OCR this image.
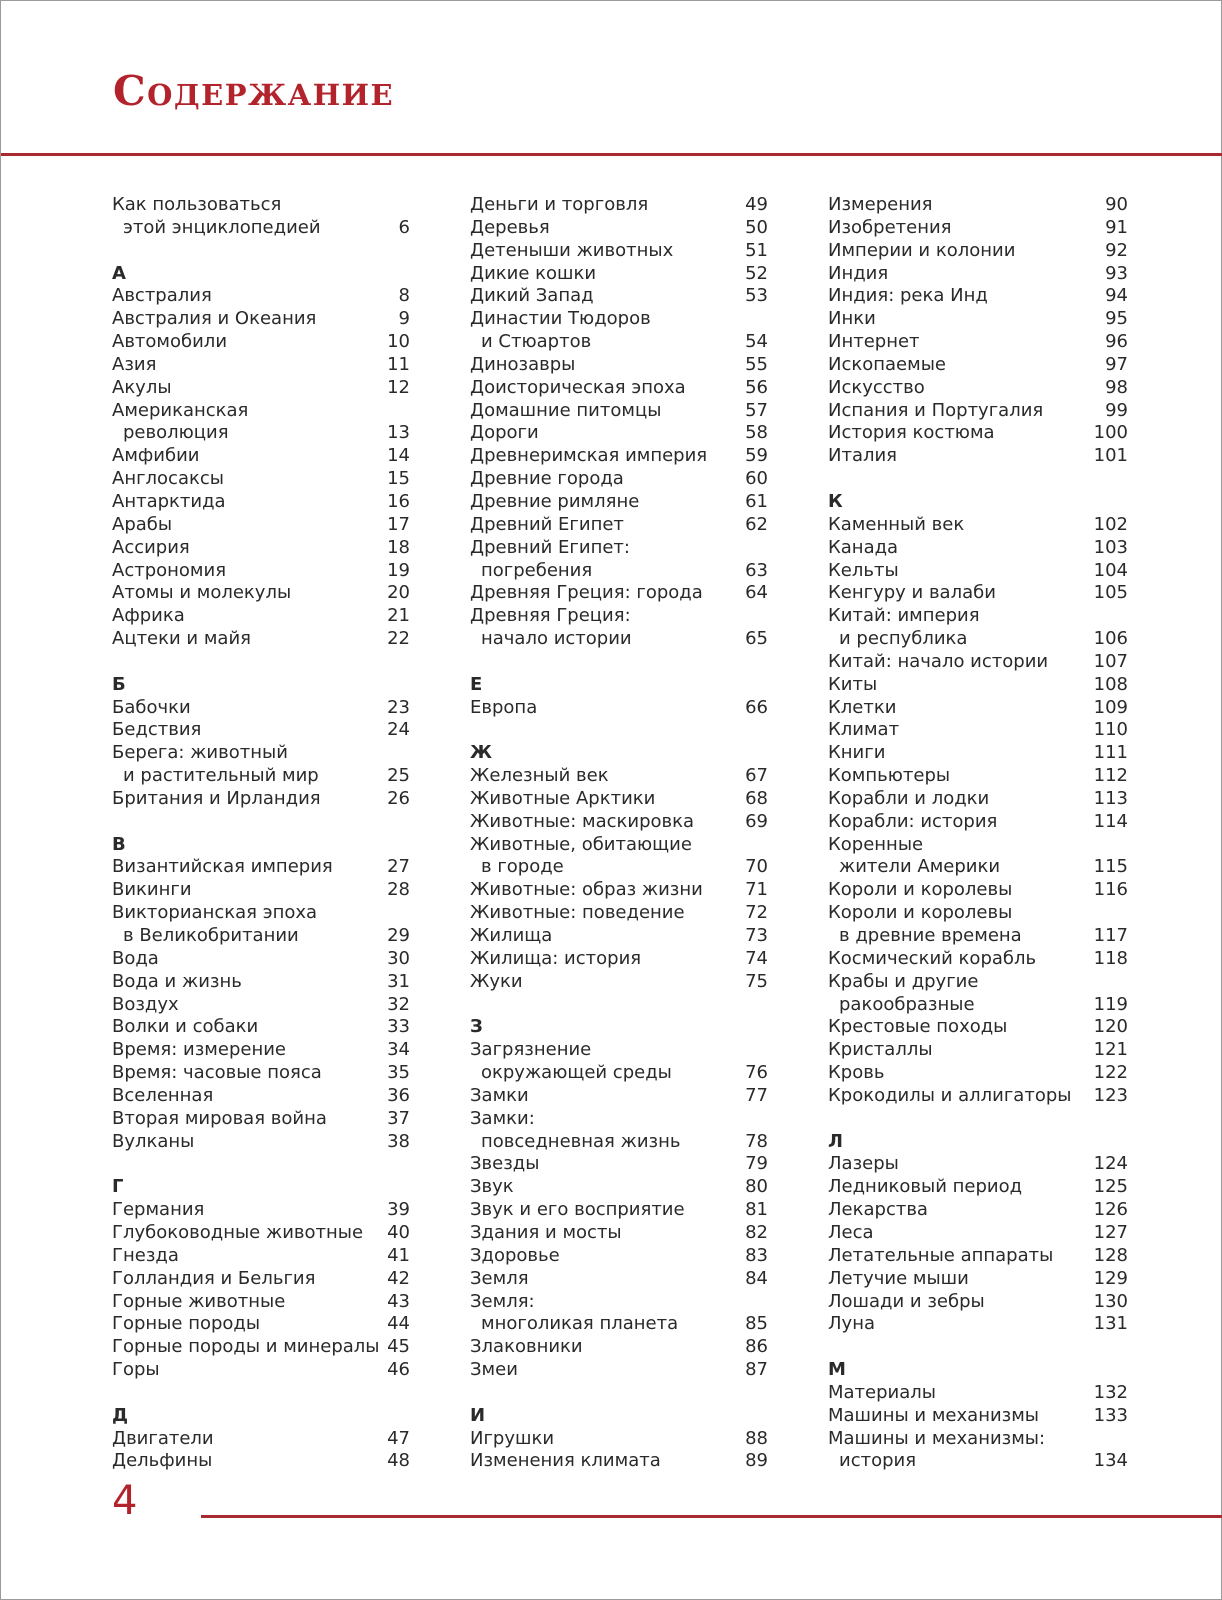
Содержание
Как пользоваться
этой энциклопедией	6
А
Австралия	8
Австралия и Океания	9
Автомобили	10
Азия	11
Акулы	12
Американская
революция	13
Амфибии	14
Англосаксы	15
Антарктида	16
Арабы	17
Ассирия	18
Астрономия	19
Атомы и молекулы	20
Африка	21
Ацтеки и майя	22
Б
Бабочки	23
Бедствия	24
Берега: животный
и растительный мир	25
Британия и Ирландия	26
В
Византийская империя	27
Викинги	28
Викторианская эпоха
в Великобритании	29
Вода	30
Вода и жизнь	31
Воздух	32
Волки и собаки	33
Время: измерение	34
Время: часовые пояса	35
Вселенная	36
Вторая мировая война	37
Вулканы	38
Г
Германия	39
Глубоководные животные	40
Гнезда	41
Голландия и Бельгия	42
Горные животные	43
Горные породы	44
Горные породы и минералы 45
Горы	46
Д
Двигатели	47
Дельфины	48
Деньги и торговля	49
Деревья	50
Детеныши животных	51
Дикие кошки	52
Дикий Запад	53
Династии Тюдоров
и Стюартов	54
Динозавры	55
Доисторическая эпоха	56
Домашние питомцы	57
Дороги	58
Древнеримская империя	59
Древние города	60
Древние римляне	61
Древний Египет	62
Древний Египет:
погребения	63
Древняя Греция: города	64
Древняя Греция:
начало истории	65
Е
Европа	66
Ж
Железный век	67
Животные Арктики	68
Животные: маскировка	69
Животные, обитающие
в городе	70
Животные: образ жизни	71
Животные: поведение	72
Жилища	73
Жилища: история	74
Жуки	75
З
Загрязнение
окружающей среды	76
Замки	77
Замки:
повседневная жизнь	78
Звезды	79
Звук	80
Звук и его восприятие	81
Здания и мосты	82
Здоровье	83
Земля	84
Земля:
многоликая планета	85
Злаковники	86
Змеи	87
И
Игрушки	88
Изменения климата	89
Измерения	90
Изобретения	91
Империи и колонии	92
Индия	93
Индия: река Инд	94
Инки	95
Интернет	96
Ископаемые	97
Искусство	98
Испания и Португалия	99
История костюма	100
Италия	101
К
Каменный век	102
Канада	103
Кельты	104
Кенгуру и валаби	105
Китай: империя
и республика	106
Китай: начало истории	107
Киты	108
Клетки	109
Климат	110
Книги	111
Компьютеры	112
Корабли и лодки	113
Корабли: история	114
Коренные
жители Америки	115
Короли и королевы	116
Короли и королевы
в древние времена	117
Космический корабль	118
Крабы и другие
ракообразные	119
Крестовые походы	120
Кристаллы	121
Кровь	122
Крокодилы и аллигаторы 123
Л
Лазеры	124
Ледниковый период	125
Лекарства	126
Леса	127
Летательные аппараты 128
Летучие мыши	129
Лошади и зебры	130
Луна	131
М
Материалы	132
Машины и механизмы	133
Машины и механизмы:
история	134
4
